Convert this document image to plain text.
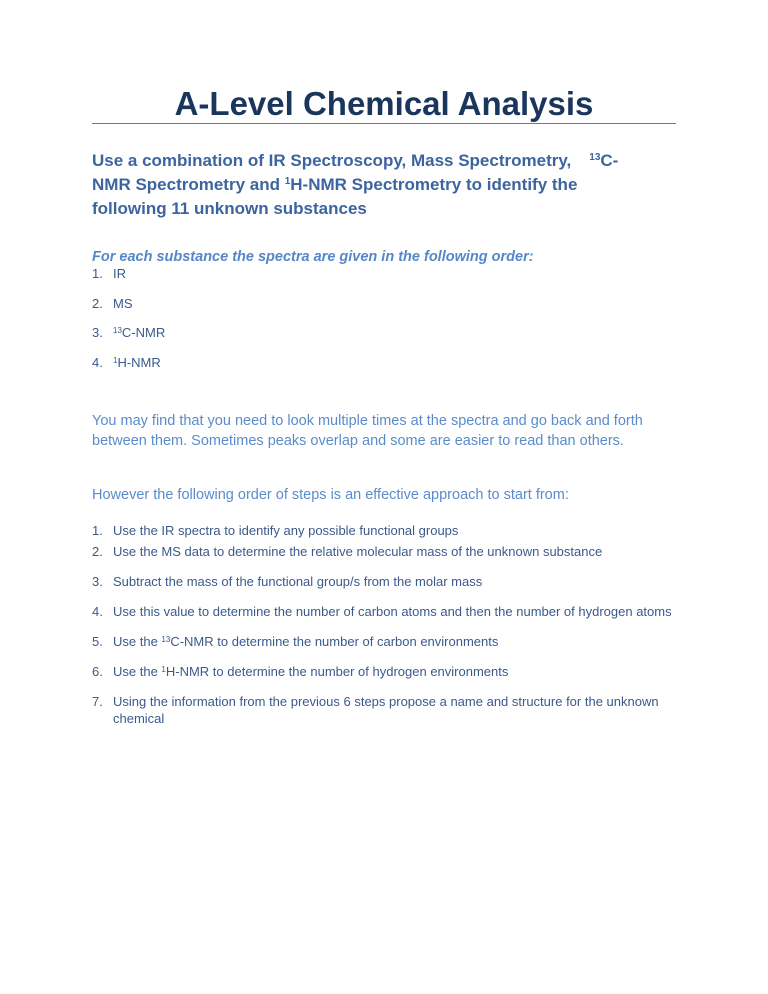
A-Level Chemical Analysis

Use a combination of IR Spectroscopy, Mass Spectrometry, $^{13}$C-
NMR Spectrometry and $^1$H-NMR Spectrometry to identify the
following 11 unknown substances

For each substance the spectra are given in the following order:

1. IR
2. MS
3. $^{13}$C-NMR
4. $^1$H-NMR

You may find that you need to look multiple times at the spectra and go back and forth between them. Sometimes peaks overlap and some are easier to read than others.

However the following order of steps is an effective approach to start from:

1. Use the IR spectra to identify any possible functional groups
2. Use the MS data to determine the relative molecular mass of the unknown substance
3. Subtract the mass of the functional group/s from the molar mass
4. Use this value to determine the number of carbon atoms and then the number of hydrogen atoms
5. Use the $^{13}$C-NMR to determine the number of carbon environments
6. Use the $^1$H-NMR to determine the number of hydrogen environments
7. Using the information from the previous 6 steps propose a name and structure for the unknown chemical
